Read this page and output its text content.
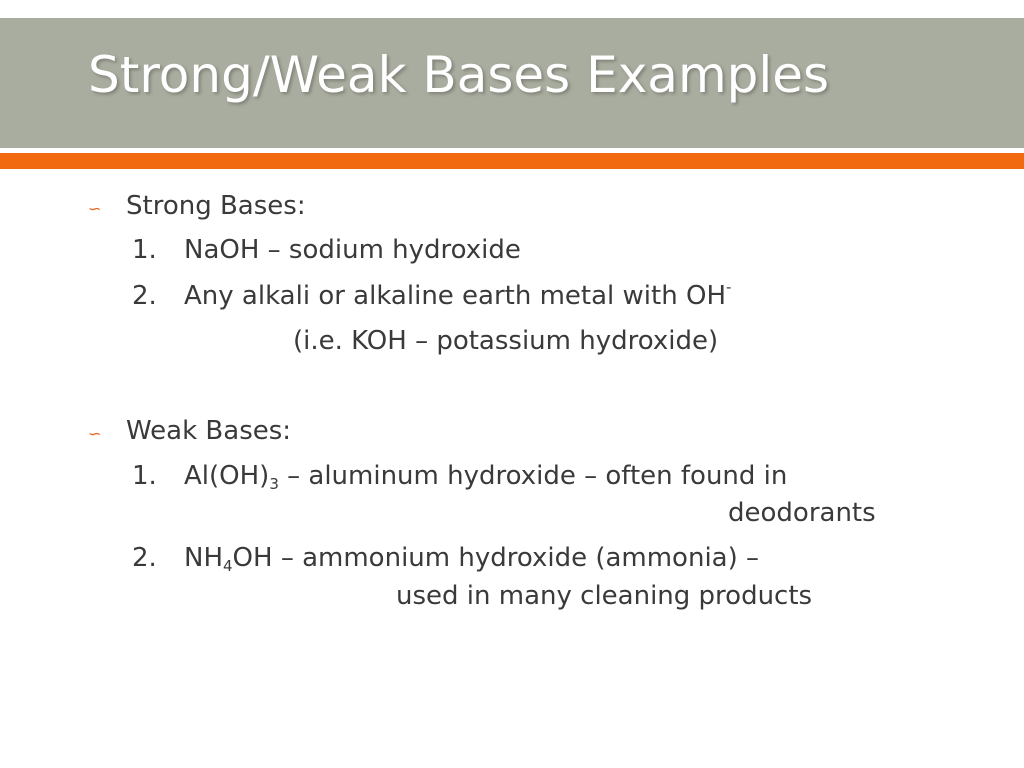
Strong/Weak Bases Examples
∽ Strong Bases:
1. NaOH – sodium hydroxide
2. Any alkali or alkaline earth metal with OH-
(i.e. KOH – potassium hydroxide)
∽ Weak Bases:
1. $Al(OH)_3$ – aluminum hydroxide – often found in
deodorants
2. $NH_4OH$ – ammonium hydroxide (ammonia) –
used in many cleaning products
